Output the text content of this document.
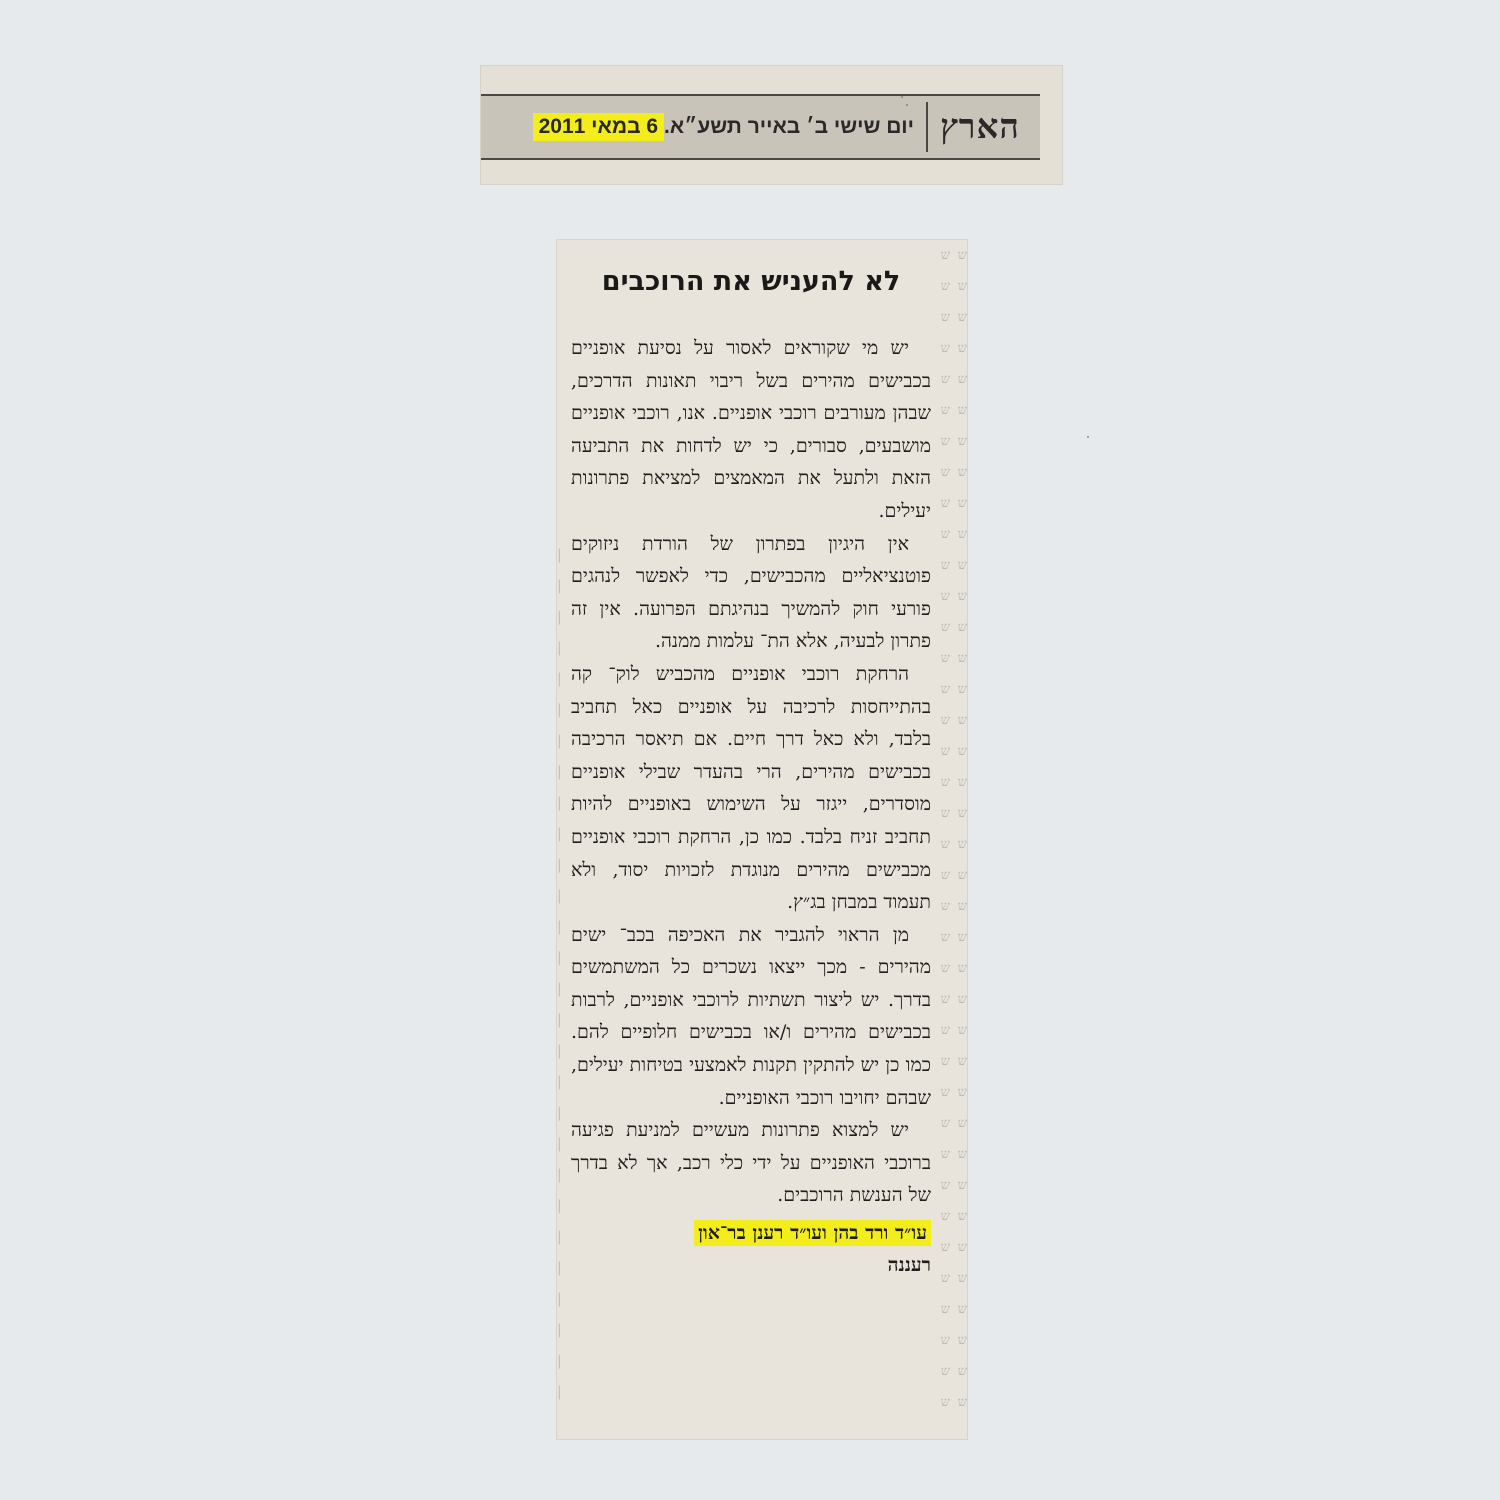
הארץ
יום שישי ב׳ באייר תשע״א.
6 במאי 2011
|
|
|
|
|
|
|
|
|
|
|
|
|
|
|
|
|
|
|
|
|
|
|
|
|
|
|
|
ש ש
ש ש
ש ש
ש ש
ש ש
ש ש
ש ש
ש ש
ש ש
ש ש
ש ש
ש ש
ש ש
ש ש
ש ש
ש ש
ש ש
ש ש
ש ש
ש ש
ש ש
ש ש
ש ש
ש ש
ש ש
ש ש
ש ש
ש ש
ש ש
ש ש
ש ש
ש ש
ש ש
ש ש
ש ש
ש ש
ש ש
ש ש
לא להעניש את הרוכבים

יש מי שקוראים לאסור על נסיעת אופניים בכבישים מהירים בשל ריבוי תאונות הדרכים, שבהן מעורבים רוכבי אופניים. אנו, רוכבי אופניים מושבעים, סבורים, כי יש לדחות את התביעה הזאת ולתעל את המאמצים למציאת פתרונות יעילים.

אין היגיון בפתרון של הורדת ניזוקים פוטנציאליים מהכבישים, כדי לאפשר לנהגים פורעי חוק להמשיך בנהיגתם הפרועה. אין זה פתרון לבעיה, אלא הת־ עלמות ממנה.

הרחקת רוכבי אופניים מהכביש לוק־ קה בהתייחסות לרכיבה על אופניים כאל תחביב בלבד, ולא כאל דרך חיים. אם תיאסר הרכיבה בכבישים מהירים, הרי בהעדר שבילי אופניים מוסדרים, ייגזר על השימוש באופניים להיות תחביב זניח בלבד. כמו כן, הרחקת רוכבי אופניים מכבישים מהירים מנוגדת לזכויות יסוד, ולא תעמוד במבחן בג״ץ.

מן הראוי להגביר את האכיפה בכב־ ישים מהירים - מכך ייצאו נשכרים כל המשתמשים בדרך. יש ליצור תשתיות לרוכבי אופניים, לרבות בכבישים מהירים ו/או בכבישים חלופיים להם. כמו כן יש להתקין תקנות לאמצעי בטיחות יעילים, שבהם יחויבו רוכבי האופניים.

יש למצוא פתרונות מעשיים למניעת פגיעה ברוכבי האופניים על ידי כלי רכב, אך לא בדרך של הענשת הרוכבים.

עו״ד ורד בהן ועו״ד רענן בר־און
רעננה
